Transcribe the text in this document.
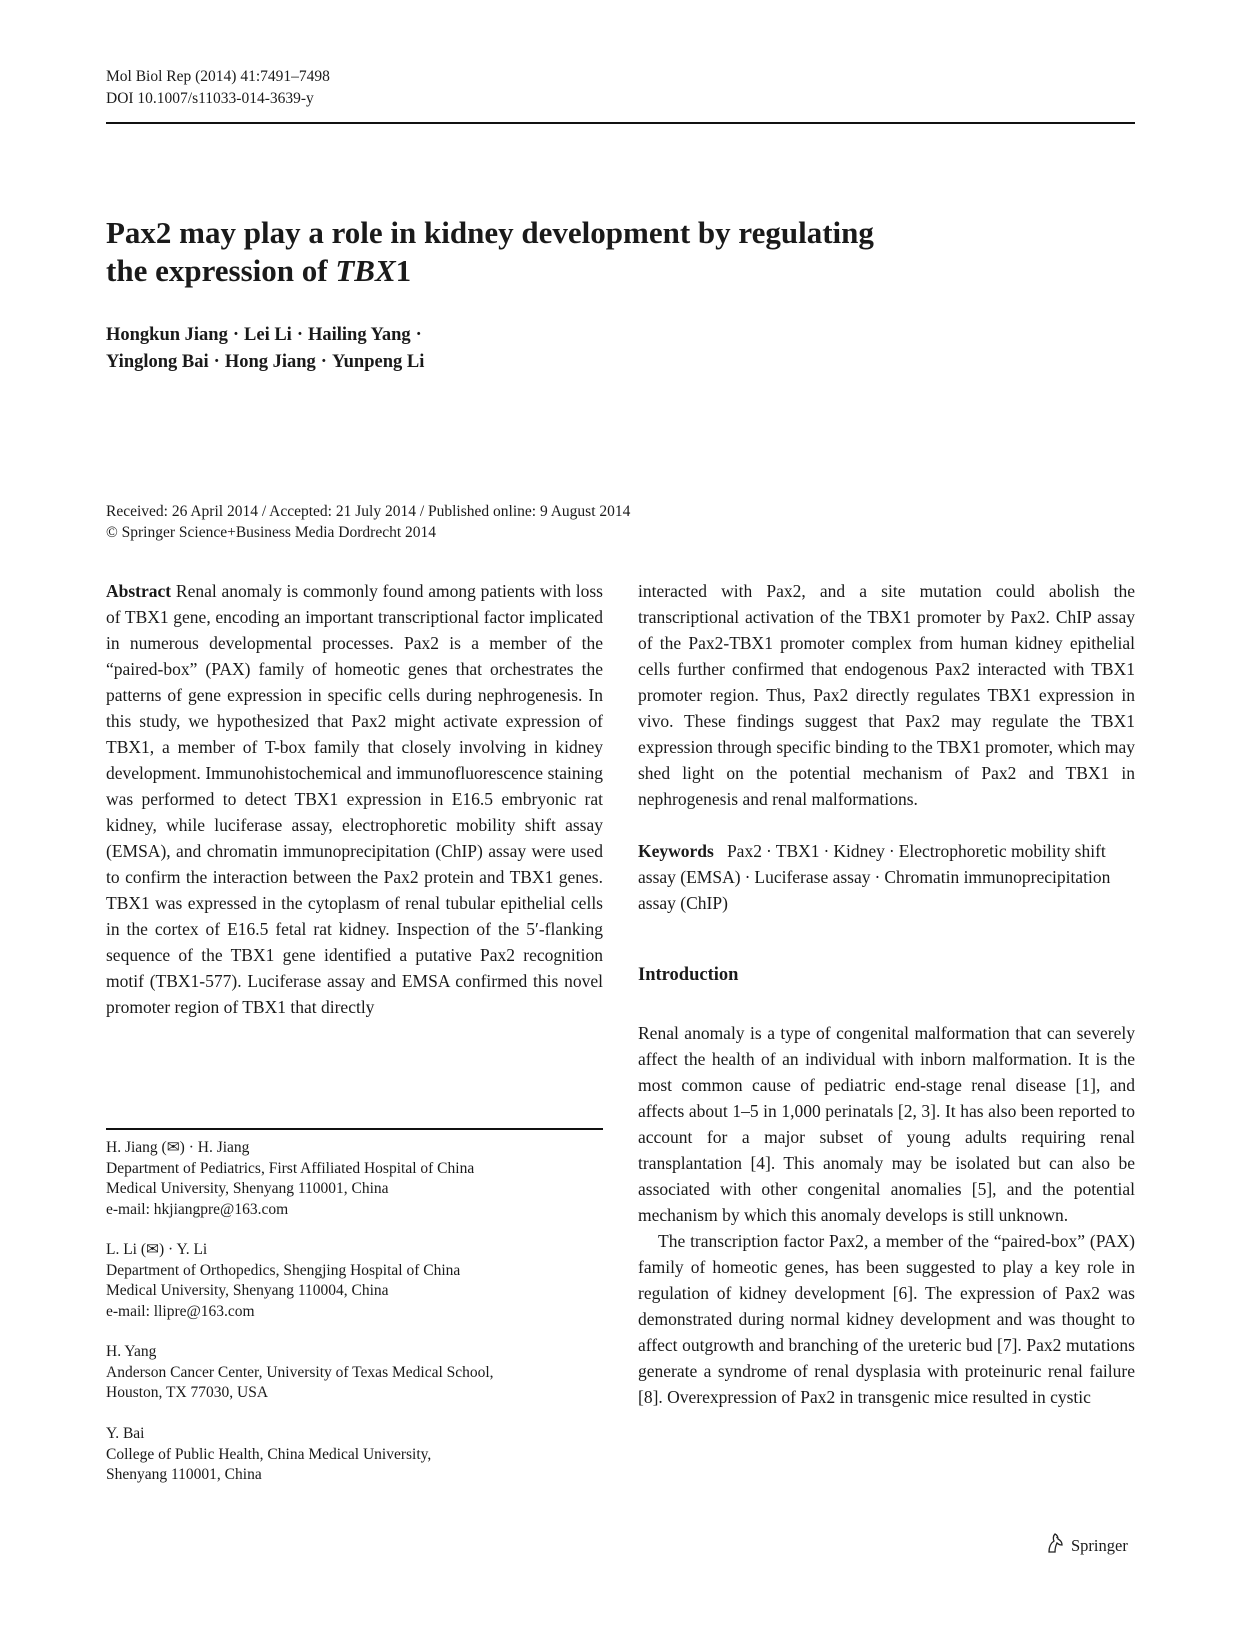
Mol Biol Rep (2014) 41:7491–7498
DOI 10.1007/s11033-014-3639-y
Pax2 may play a role in kidney development by regulating
the expression of TBX1
Hongkun Jiang · Lei Li · Hailing Yang ·
Yinglong Bai · Hong Jiang · Yunpeng Li
Received: 26 April 2014 / Accepted: 21 July 2014 / Published online: 9 August 2014
© Springer Science+Business Media Dordrecht 2014

Abstract Renal anomaly is commonly found among patients with loss of TBX1 gene, encoding an important transcriptional factor implicated in numerous developmental processes. Pax2 is a member of the “paired-box” (PAX) family of homeotic genes that orchestrates the patterns of gene expression in specific cells during nephrogenesis. In this study, we hypothesized that Pax2 might activate expression of TBX1, a member of T-box family that closely involving in kidney development. Immunohistochemical and immunofluorescence staining was performed to detect TBX1 expression in E16.5 embryonic rat kidney, while luciferase assay, electrophoretic mobility shift assay (EMSA), and chromatin immunoprecipitation (ChIP) assay were used to confirm the interaction between the Pax2 protein and TBX1 genes. TBX1 was expressed in the cytoplasm of renal tubular epithelial cells in the cortex of E16.5 fetal rat kidney. Inspection of the 5′-flanking sequence of the TBX1 gene identified a putative Pax2 recognition motif (TBX1-577). Luciferase assay and EMSA confirmed this novel promoter region of TBX1 that directly

H. Jiang (✉) · H. Jiang
Department of Pediatrics, First Affiliated Hospital of China
Medical University, Shenyang 110001, China
e-mail: hkjiangpre@163.com
L. Li (✉) · Y. Li
Department of Orthopedics, Shengjing Hospital of China
Medical University, Shenyang 110004, China
e-mail: llipre@163.com
H. Yang
Anderson Cancer Center, University of Texas Medical School,
Houston, TX 77030, USA
Y. Bai
College of Public Health, China Medical University,
Shenyang 110001, China

interacted with Pax2, and a site mutation could abolish the transcriptional activation of the TBX1 promoter by Pax2. ChIP assay of the Pax2-TBX1 promoter complex from human kidney epithelial cells further confirmed that endogenous Pax2 interacted with TBX1 promoter region. Thus, Pax2 directly regulates TBX1 expression in vivo. These findings suggest that Pax2 may regulate the TBX1 expression through specific binding to the TBX1 promoter, which may shed light on the potential mechanism of Pax2 and TBX1 in nephrogenesis and renal malformations.

Keywords Pax2 · TBX1 · Kidney · Electrophoretic mobility shift assay (EMSA) · Luciferase assay · Chromatin immunoprecipitation assay (ChIP)

Introduction

Renal anomaly is a type of congenital malformation that can severely affect the health of an individual with inborn malformation. It is the most common cause of pediatric end-stage renal disease [1], and affects about 1–5 in 1,000 perinatals [2, 3]. It has also been reported to account for a major subset of young adults requiring renal transplantation [4]. This anomaly may be isolated but can also be associated with other congenital anomalies [5], and the potential mechanism by which this anomaly develops is still unknown.

The transcription factor Pax2, a member of the “paired-box” (PAX) family of homeotic genes, has been suggested to play a key role in regulation of kidney development [6]. The expression of Pax2 was demonstrated during normal kidney development and was thought to affect outgrowth and branching of the ureteric bud [7]. Pax2 mutations generate a syndrome of renal dysplasia with proteinuric renal failure [8]. Overexpression of Pax2 in transgenic mice resulted in cystic

Springer
